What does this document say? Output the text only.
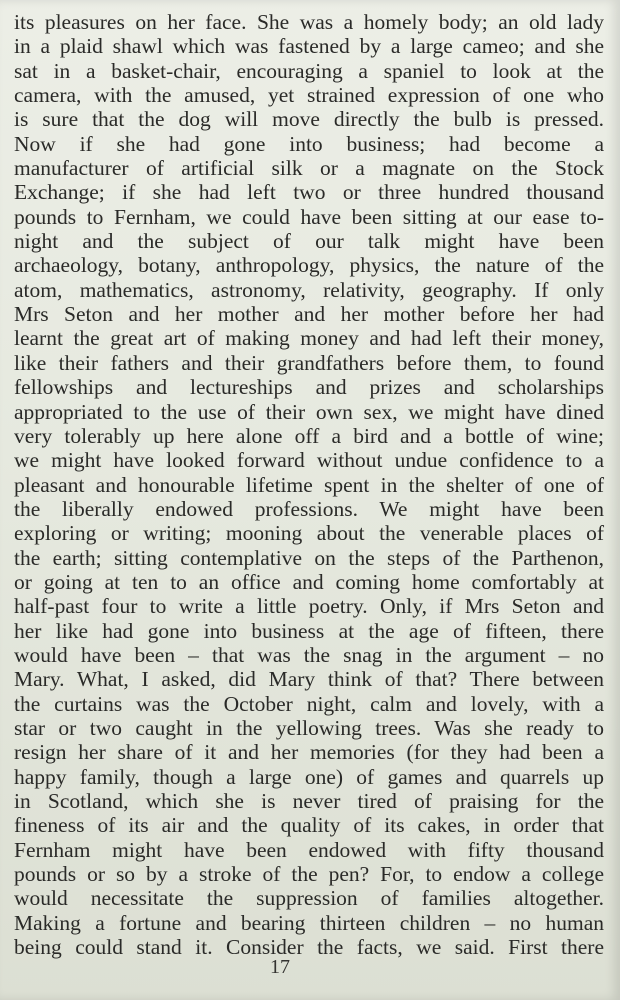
its pleasures on her face. She was a homely body; an old lady
in a plaid shawl which was fastened by a large cameo; and she
sat in a basket-chair, encouraging a spaniel to look at the
camera, with the amused, yet strained expression of one who
is sure that the dog will move directly the bulb is pressed.
Now if she had gone into business; had become a
manufacturer of artificial silk or a magnate on the Stock
Exchange; if she had left two or three hundred thousand
pounds to Fernham, we could have been sitting at our ease to-
night and the subject of our talk might have been
archaeology, botany, anthropology, physics, the nature of the
atom, mathematics, astronomy, relativity, geography. If only
Mrs Seton and her mother and her mother before her had
learnt the great art of making money and had left their money,
like their fathers and their grandfathers before them, to found
fellowships and lectureships and prizes and scholarships
appropriated to the use of their own sex, we might have dined
very tolerably up here alone off a bird and a bottle of wine;
we might have looked forward without undue confidence to a
pleasant and honourable lifetime spent in the shelter of one of
the liberally endowed professions. We might have been
exploring or writing; mooning about the venerable places of
the earth; sitting contemplative on the steps of the Parthenon,
or going at ten to an office and coming home comfortably at
half-past four to write a little poetry. Only, if Mrs Seton and
her like had gone into business at the age of fifteen, there
would have been – that was the snag in the argument – no
Mary. What, I asked, did Mary think of that? There between
the curtains was the October night, calm and lovely, with a
star or two caught in the yellowing trees. Was she ready to
resign her share of it and her memories (for they had been a
happy family, though a large one) of games and quarrels up
in Scotland, which she is never tired of praising for the
fineness of its air and the quality of its cakes, in order that
Fernham might have been endowed with fifty thousand
pounds or so by a stroke of the pen? For, to endow a college
would necessitate the suppression of families altogether.
Making a fortune and bearing thirteen children – no human
being could stand it. Consider the facts, we said. First there
17
